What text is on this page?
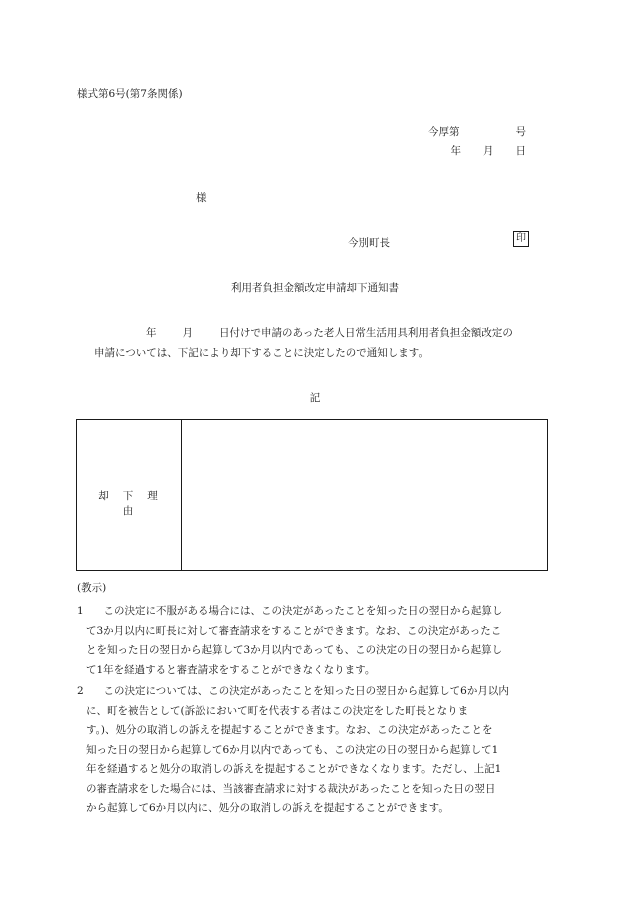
様式第6号(第7条関係)
今厚第	号
年 月 日
様
今別町長	印
利用者負担金額改定申請却下通知書
年 月 日付けで申請のあった老人日常生活用具利用者負担金額改定の
申請については、下記により却下することに決定したので通知します。
記
却下理由
(教示)
1　この決定に不服がある場合には、この決定があったことを知った日の翌日から起算し
て3か月以内に町長に対して審査請求をすることができます。なお、この決定があったこ
とを知った日の翌日から起算して3か月以内であっても、この決定の日の翌日から起算し
て1年を経過すると審査請求をすることができなくなります。
2　この決定については、この決定があったことを知った日の翌日から起算して6か月以内
に、町を被告として(訴訟において町を代表する者はこの決定をした町長となりま
す。)、処分の取消しの訴えを提起することができます。なお、この決定があったことを
知った日の翌日から起算して6か月以内であっても、この決定の日の翌日から起算して1
年を経過すると処分の取消しの訴えを提起することができなくなります。ただし、上記1
の審査請求をした場合には、当該審査請求に対する裁決があったことを知った日の翌日
から起算して6か月以内に、処分の取消しの訴えを提起することができます。
